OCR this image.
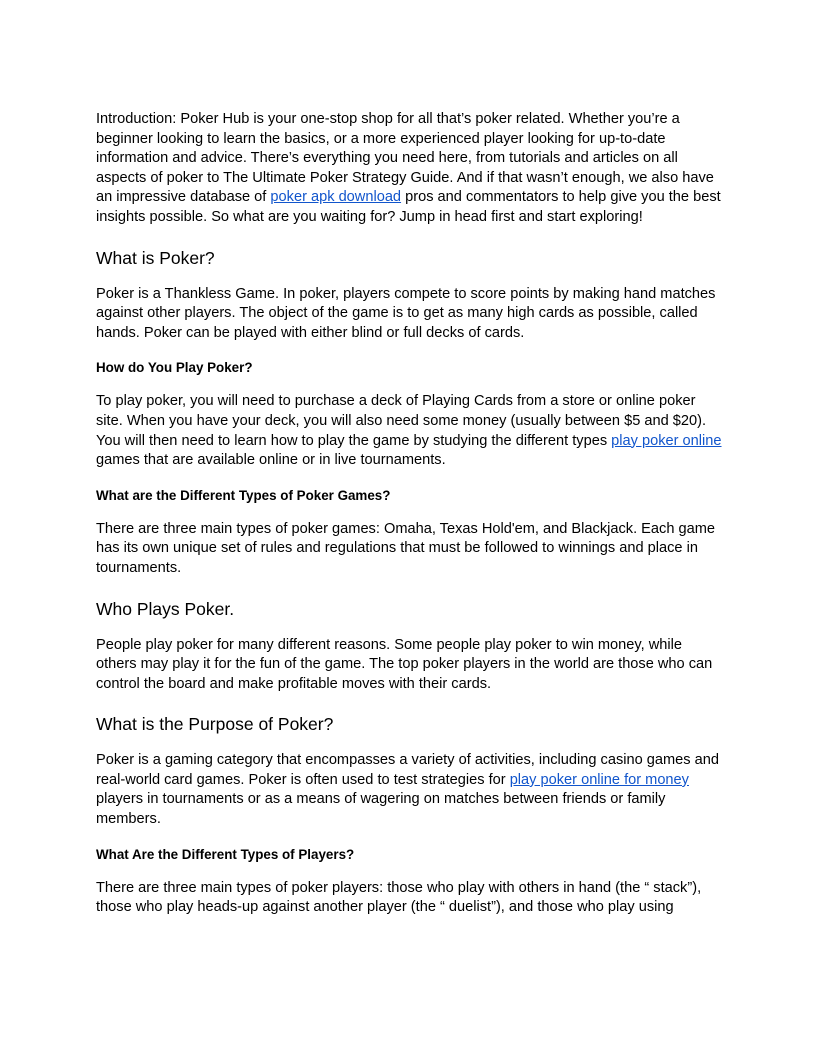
Introduction: Poker Hub is your one-stop shop for all that’s poker related. Whether you’re a beginner looking to learn the basics, or a more experienced player looking for up-to-date information and advice. There’s everything you need here, from tutorials and articles on all aspects of poker to The Ultimate Poker Strategy Guide. And if that wasn’t enough, we also have an impressive database of poker apk download pros and commentators to help give you the best insights possible. So what are you waiting for? Jump in head first and start exploring!

What is Poker?

Poker is a Thankless Game. In poker, players compete to score points by making hand matches against other players. The object of the game is to get as many high cards as possible, called hands. Poker can be played with either blind or full decks of cards.

How do You Play Poker?

To play poker, you will need to purchase a deck of Playing Cards from a store or online poker site. When you have your deck, you will also need some money (usually between $5 and $20). You will then need to learn how to play the game by studying the different types play poker online games that are available online or in live tournaments.

What are the Different Types of Poker Games?

There are three main types of poker games: Omaha, Texas Hold'em, and Blackjack. Each game has its own unique set of rules and regulations that must be followed to winnings and place in tournaments.

Who Plays Poker.

People play poker for many different reasons. Some people play poker to win money, while others may play it for the fun of the game. The top poker players in the world are those who can control the board and make profitable moves with their cards.

What is the Purpose of Poker?

Poker is a gaming category that encompasses a variety of activities, including casino games and real-world card games. Poker is often used to test strategies for play poker online for money players in tournaments or as a means of wagering on matches between friends or family members.

What Are the Different Types of Players?

There are three main types of poker players: those who play with others in hand (the “ stack”), those who play heads-up against another player (the “ duelist”), and those who play using
